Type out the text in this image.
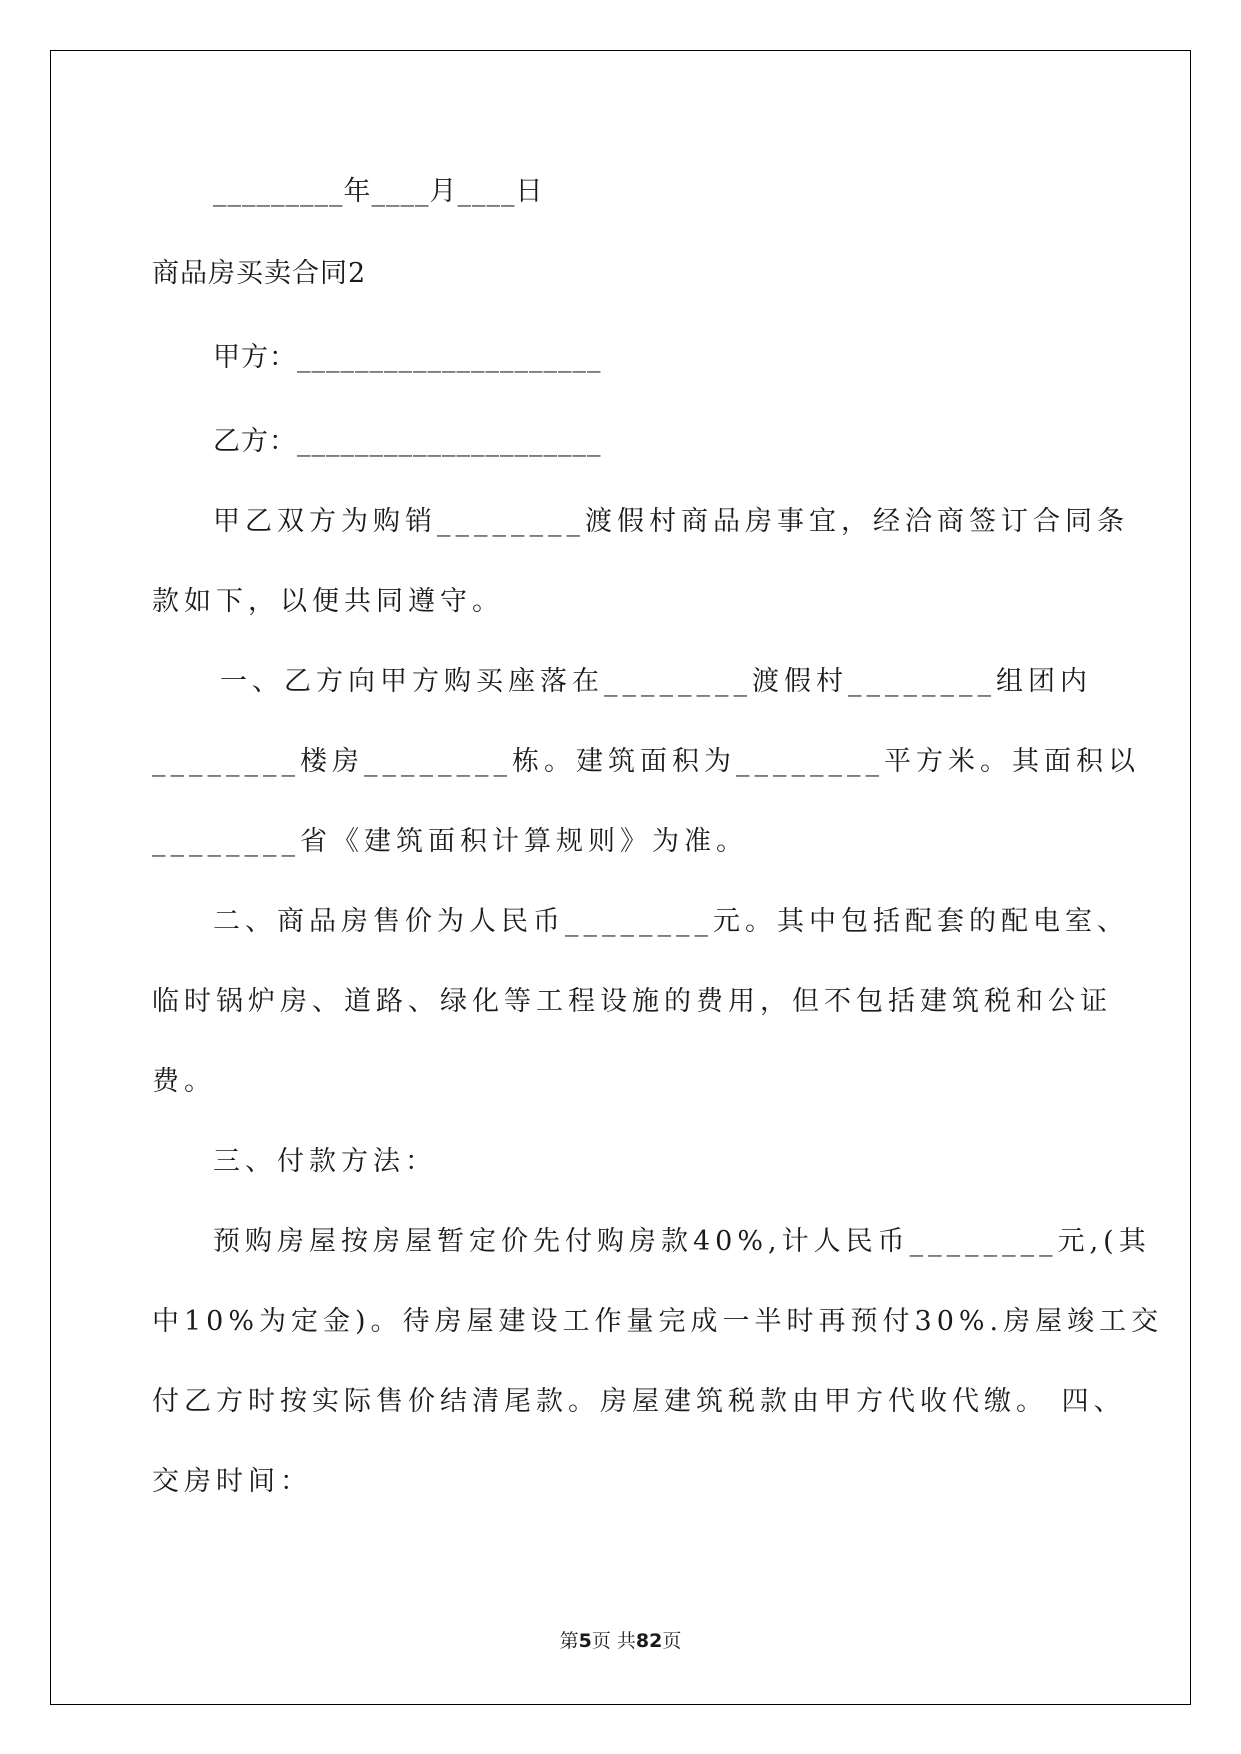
_________年____月____日
商品房买卖合同2
甲方：_____________________
乙方：_____________________
甲乙双方为购销________渡假村商品房事宜，经洽商签订合同条
款如下，以便共同遵守。
一、乙方向甲方购买座落在________渡假村________组团内
________楼房________栋。建筑面积为________平方米。其面积以
________省《建筑面积计算规则》为准。
二、商品房售价为人民币________元。其中包括配套的配电室、
临时锅炉房、道路、绿化等工程设施的费用，但不包括建筑税和公证
费。
三、付款方法：
预购房屋按房屋暂定价先付购房款40%,计人民币________元,(其
中10%为定金)。待房屋建设工作量完成一半时再预付30%.房屋竣工交
付乙方时按实际售价结清尾款。房屋建筑税款由甲方代收代缴。 四、
交房时间：
第5页 共82页
